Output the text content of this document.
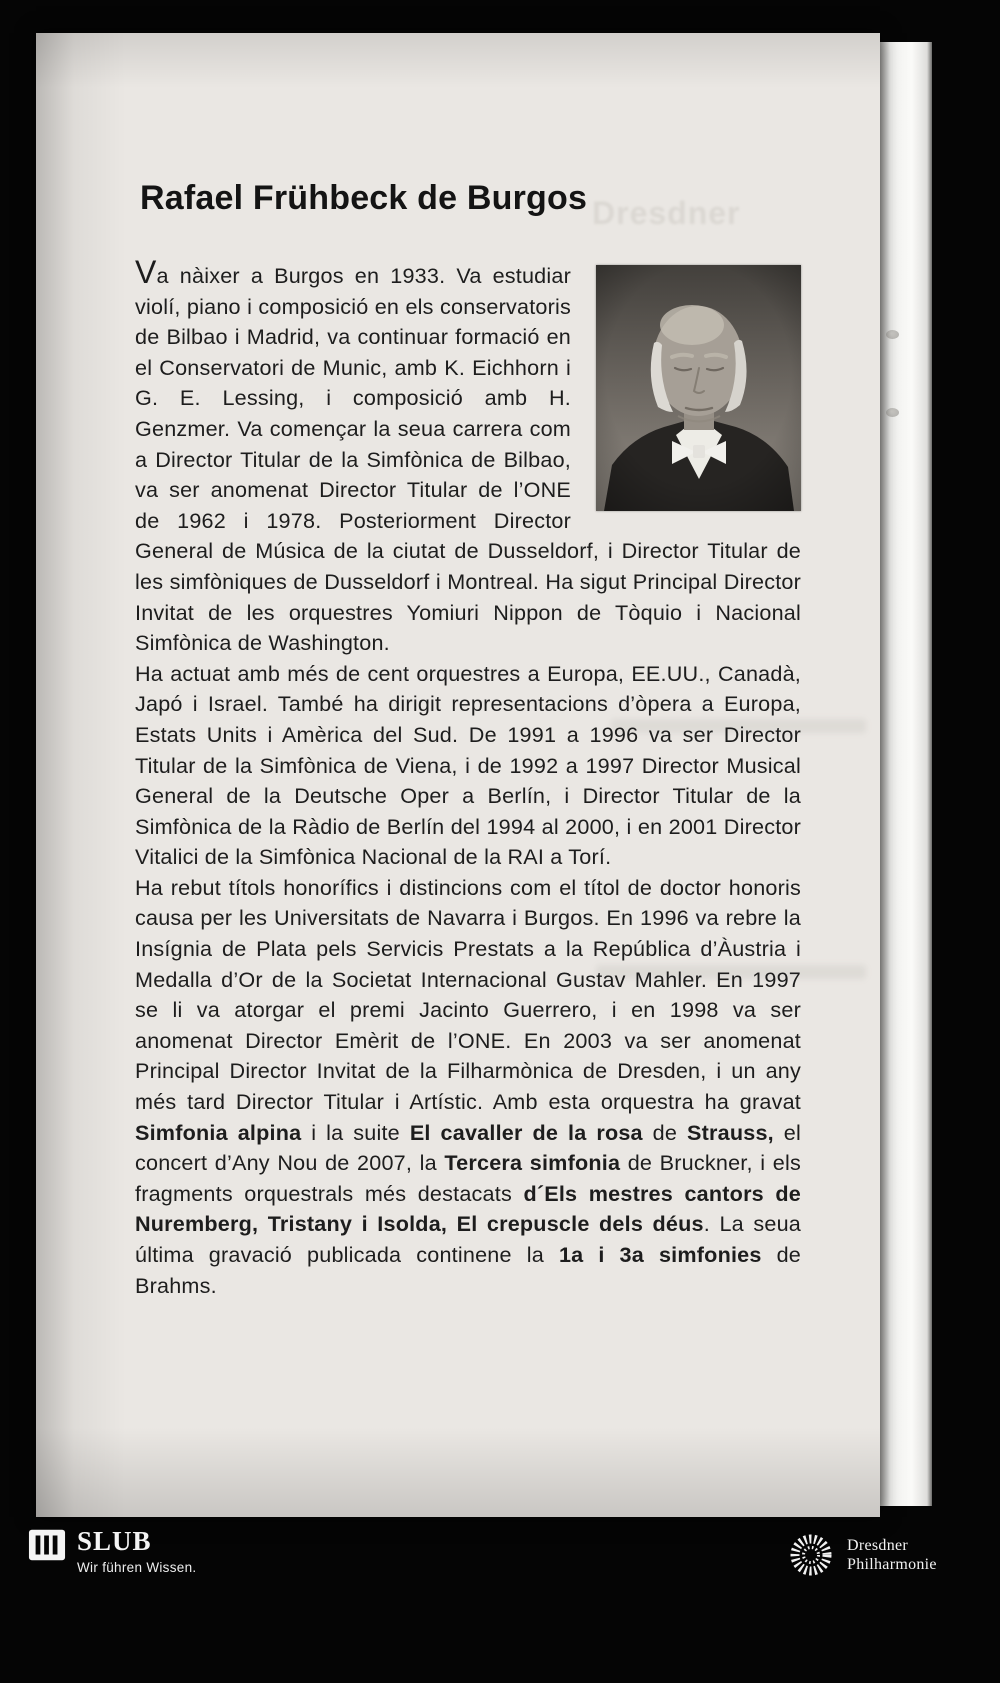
Dresdner
Rafael Frühbeck de Burgos

Va nàixer a Burgos en 1933. Va estudiar violí, piano i composició en els conservatoris de Bilbao i Madrid, va continuar formació en el Conservatori de Munic, amb K. Eichhorn i G. E. Lessing, i composició amb H. Genzmer. Va començar la seua carrera com a Director Titular de la Simfònica de Bilbao, va ser anomenat Director Titular de l’ONE de 1962 i 1978. Posteriorment Director General de Música de la ciutat de Dusseldorf, i Director Titular de les simfòniques de Dusseldorf i Montreal. Ha sigut Principal Director Invitat de les orquestres Yomiuri Nippon de Tòquio i Nacional Simfònica de Washington.

Ha actuat amb més de cent orquestres a Europa, EE.UU., Canadà, Japó i Israel. També ha dirigit representacions d’òpera a Europa, Estats Units i Amèrica del Sud. De 1991 a 1996 va ser Director Titular de la Simfònica de Viena, i de 1992 a 1997 Director Musical General de la Deutsche Oper a Berlín, i Director Titular de la Simfònica de la Ràdio de Berlín del 1994 al 2000, i en 2001 Director Vitalici de la Simfònica Nacional de la RAI a Torí.

Ha rebut títols honorífics i distincions com el títol de doctor honoris causa per les Universitats de Navarra i Burgos. En 1996 va rebre la Insígnia de Plata pels Servicis Prestats a la República d’Àustria i Medalla d’Or de la Societat Internacional Gustav Mahler. En 1997 se li va atorgar el premi Jacinto Guerrero, i en 1998 va ser anomenat Director Emèrit de l’ONE. En 2003 va ser anomenat Principal Director Invitat de la Filharmònica de Dresden, i un any més tard Director Titular i Artístic. Amb esta orquestra ha gravat Simfonia alpina i la suite El cavaller de la rosa de Strauss, el concert d’Any Nou de 2007, la Tercera simfonia de Bruckner, i els fragments orquestrals més destacats d´Els mestres cantors de Nuremberg, Tristany i Isolda, El crepuscle dels déus. La seua última gravació publicada continene la 1a i 3a simfonies de Brahms.

SLUB
Wir führen Wissen.
Dresdner
Philharmonie
